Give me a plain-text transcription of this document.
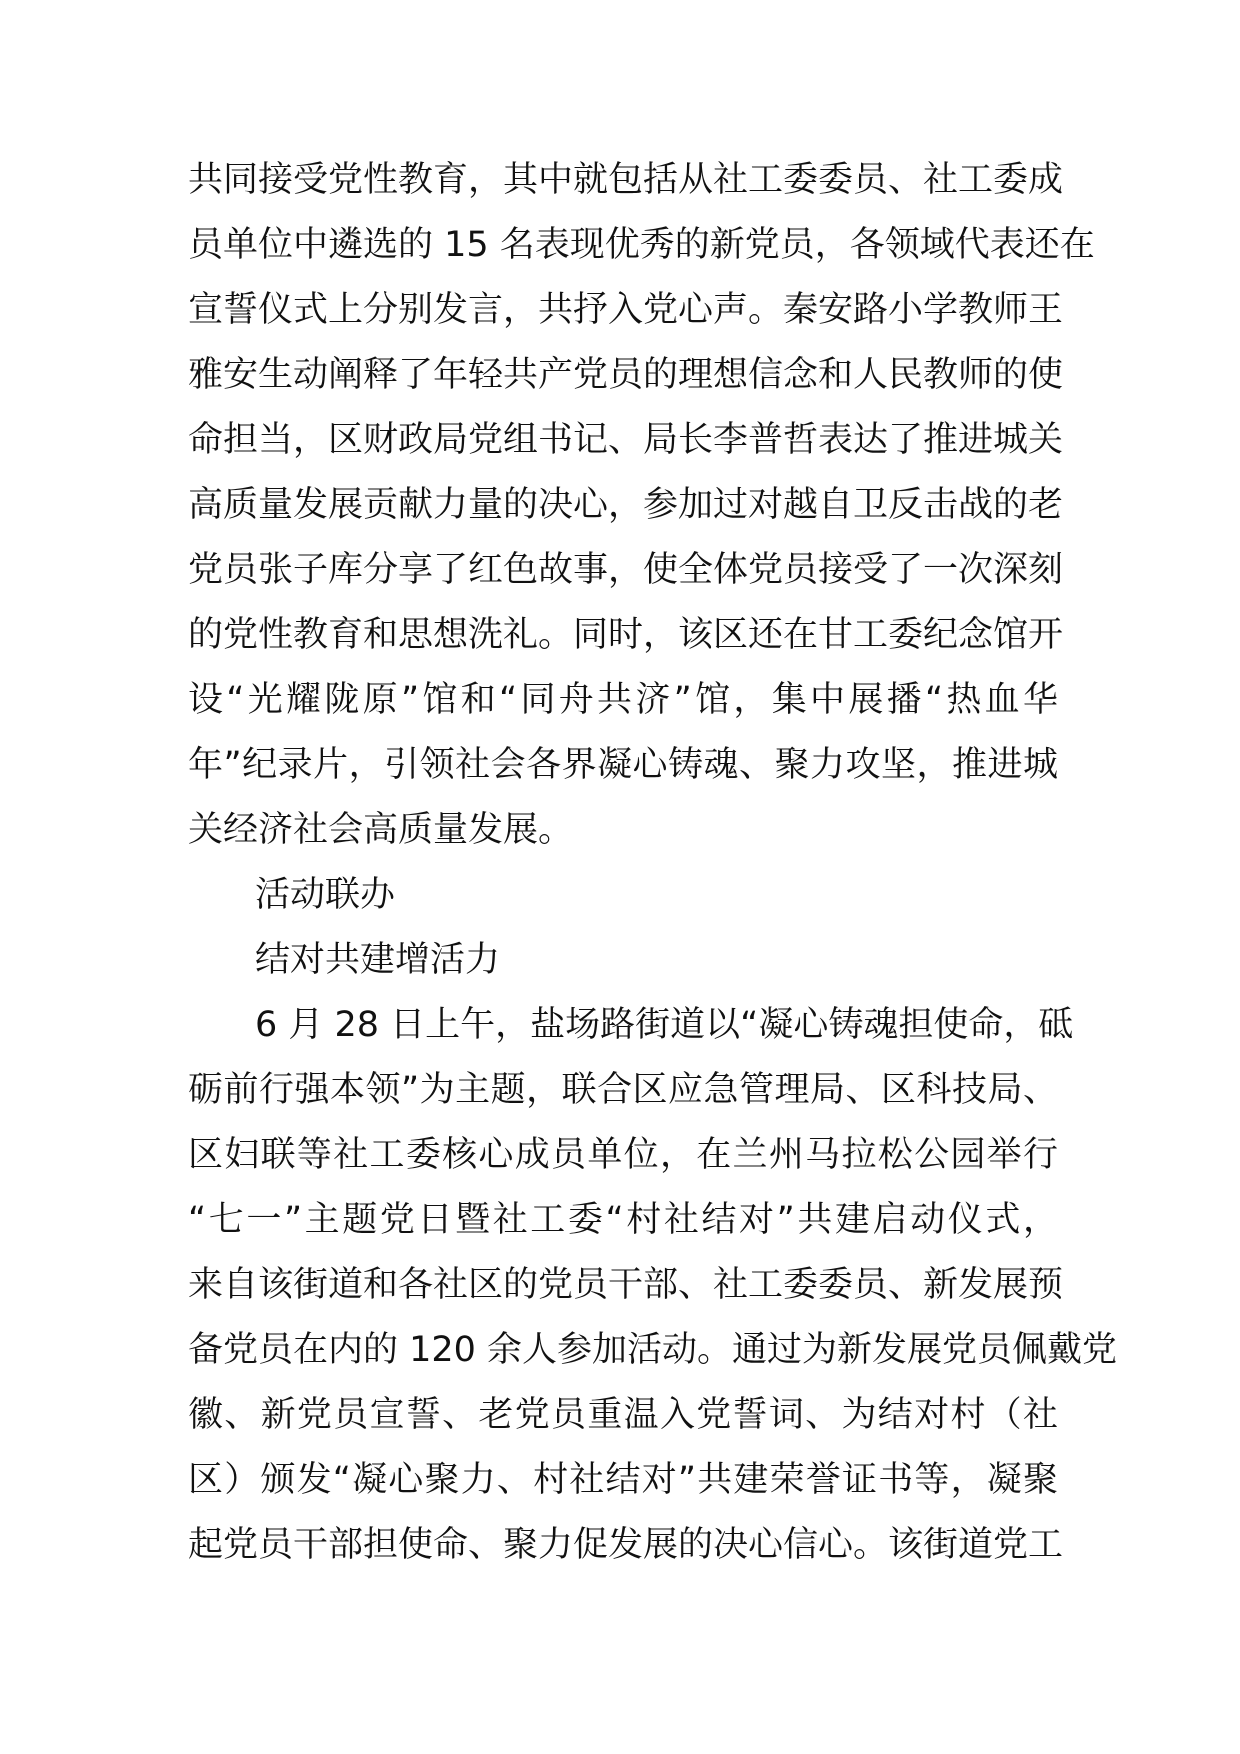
共同接受党性教育，其中就包括从社工委委员、社工委成
员单位中遴选的 15 名表现优秀的新党员，各领域代表还在
宣誓仪式上分别发言，共抒入党心声。秦安路小学教师王
雅安生动阐释了年轻共产党员的理想信念和人民教师的使
命担当，区财政局党组书记、局长李普哲表达了推进城关
高质量发展贡献力量的决心，参加过对越自卫反击战的老
党员张子库分享了红色故事，使全体党员接受了一次深刻
的党性教育和思想洗礼。同时，该区还在甘工委纪念馆开
设“光耀陇原”馆和“同舟共济”馆，集中展播“热血华
年”纪录片，引领社会各界凝心铸魂、聚力攻坚，推进城
关经济社会高质量发展。
活动联办
结对共建增活力
6 月 28 日上午，盐场路街道以“凝心铸魂担使命，砥
砺前行强本领”为主题，联合区应急管理局、区科技局、
区妇联等社工委核心成员单位，在兰州马拉松公园举行
“七一”主题党日暨社工委“村社结对”共建启动仪式，
来自该街道和各社区的党员干部、社工委委员、新发展预
备党员在内的 120 余人参加活动。通过为新发展党员佩戴党
徽、新党员宣誓、老党员重温入党誓词、为结对村（社
区）颁发“凝心聚力、村社结对”共建荣誉证书等，凝聚
起党员干部担使命、聚力促发展的决心信心。该街道党工
